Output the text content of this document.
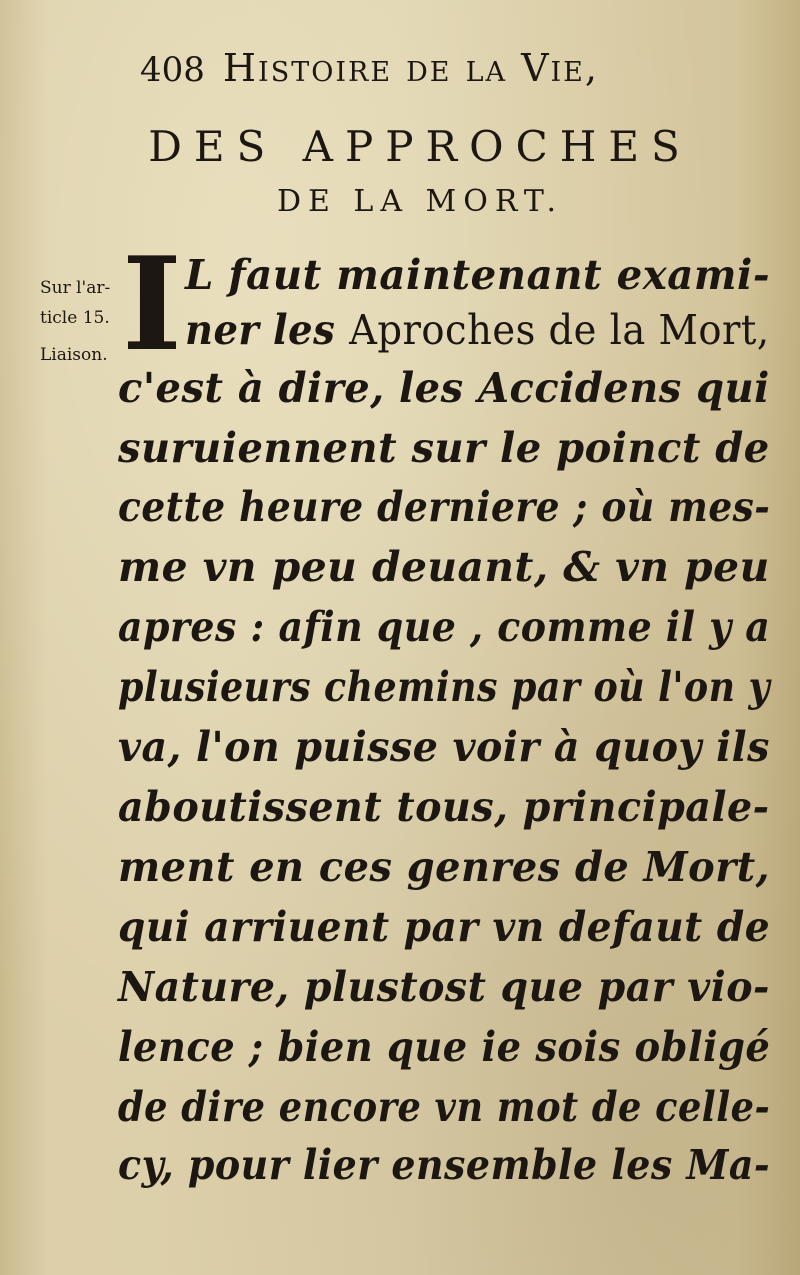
408 Histoire de la Vie,
DES APPROCHES
DE LA MORT.
Sur l'ar-
ticle 15.
Liaison. I L faut maintenant exami-
ner les Aproches de la Mort,
c'est à dire, les Accidens qui
suruiennent sur le poinct de
cette heure derniere ; où mes-
me vn peu deuant, & vn peu
apres : afin que , comme il y a
plusieurs chemins par où l'on y
va, l'on puisse voir à quoy ils
aboutissent tous, principale-
ment en ces genres de Mort,
qui arriuent par vn defaut de
Nature, plustost que par vio-
lence ; bien que ie sois obligé
de dire encore vn mot de celle-
cy, pour lier ensemble les Ma-
